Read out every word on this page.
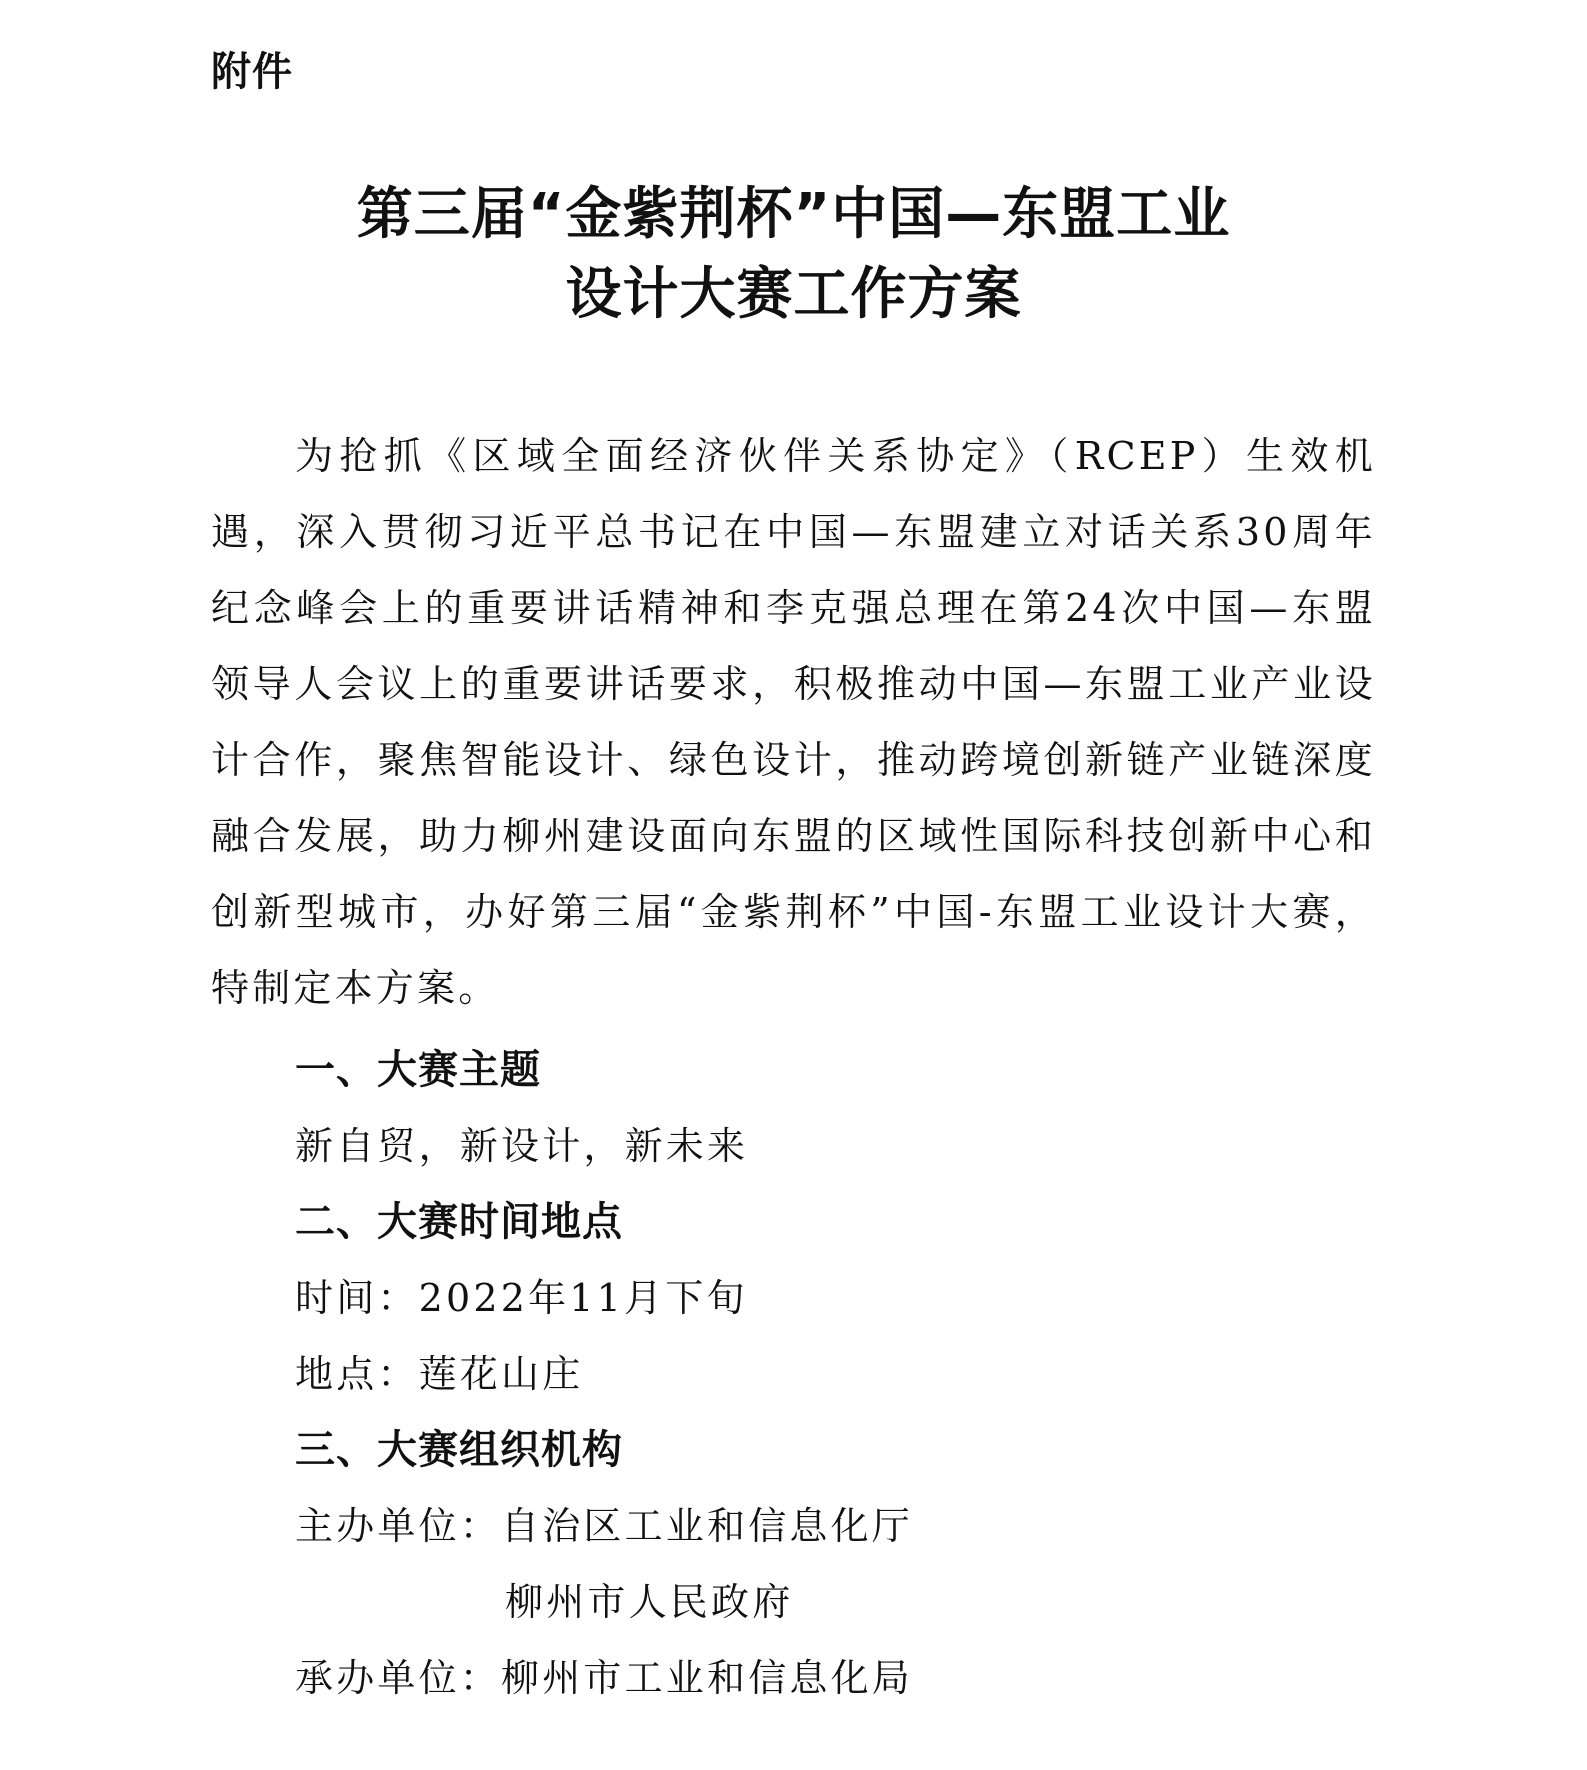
附件
第三届“金紫荆杯”中国—东盟工业
设计大赛工作方案
为抢抓《区域全面经济伙伴关系协定》（RCEP）生效机遇，深入贯彻习近平总书记在中国—东盟建立对话关系30周年纪念峰会上的重要讲话精神和李克强总理在第24次中国—东盟领导人会议上的重要讲话要求，积极推动中国—东盟工业产业设计合作，聚焦智能设计、绿色设计，推动跨境创新链产业链深度融合发展，助力柳州建设面向东盟的区域性国际科技创新中心和创新型城市，办好第三届“金紫荆杯”中国-东盟工业设计大赛，特制定本方案。
一、大赛主题
新自贸，新设计，新未来
二、大赛时间地点
时间：2022年11月下旬
地点：莲花山庄
三、大赛组织机构
主办单位：自治区工业和信息化厅
柳州市人民政府
承办单位：柳州市工业和信息化局
